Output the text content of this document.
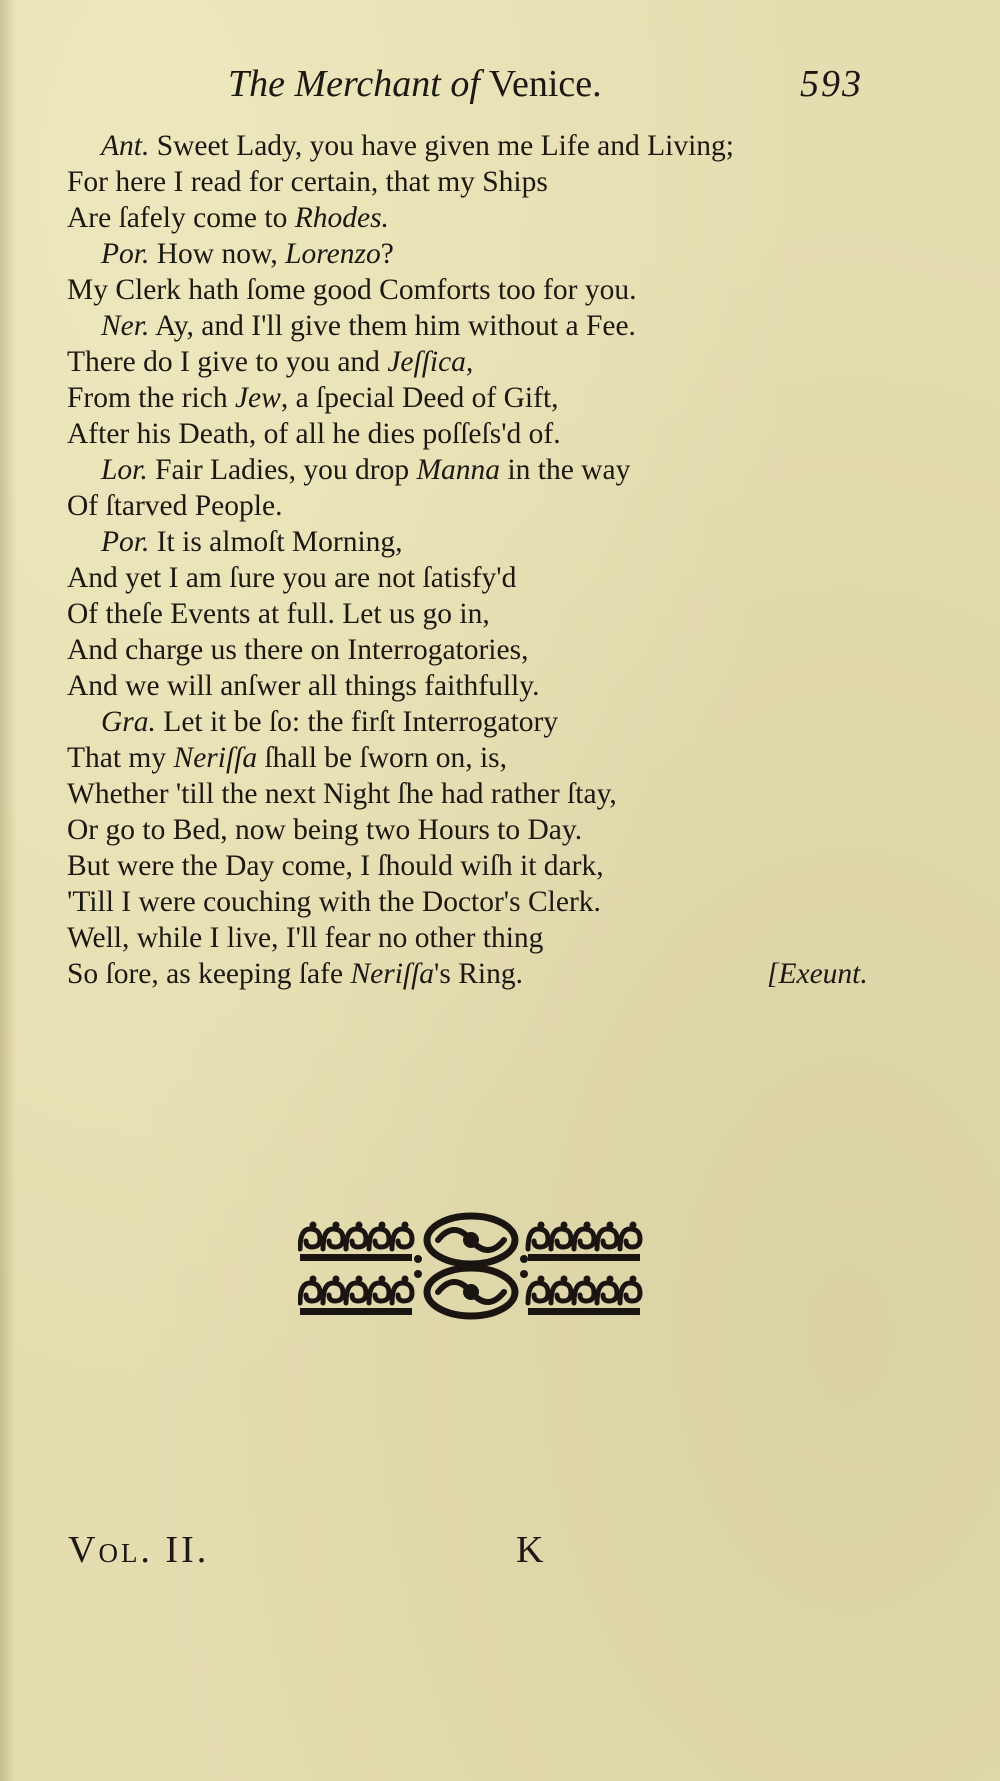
The Merchant of Venice.	593
Ant. Sweet Lady, you have given me Life and Living;
For here I read for certain, that my Ships
Are ſafely come to Rhodes.
Por. How now, Lorenzo?
My Clerk hath ſome good Comforts too for you.
Ner. Ay, and I'll give them him without a Fee.
There do I give to you and Jeſſica,
From the rich Jew, a ſpecial Deed of Gift,
After his Death, of all he dies poſſeſs'd of.
Lor. Fair Ladies, you drop Manna in the way
Of ſtarved People.
Por. It is almoſt Morning,
And yet I am ſure you are not ſatisfy'd
Of theſe Events at full. Let us go in,
And charge us there on Interrogatories,
And we will anſwer all things faithfully.
Gra. Let it be ſo: the firſt Interrogatory
That my Neriſſa ſhall be ſworn on, is,
Whether 'till the next Night ſhe had rather ſtay,
Or go to Bed, now being two Hours to Day.
But were the Day come, I ſhould wiſh it dark,
'Till I were couching with the Doctor's Clerk.
Well, while I live, I'll fear no other thing
So ſore, as keeping ſafe Neriſſa's Ring.	[Exeunt.
Vol. II.	K
